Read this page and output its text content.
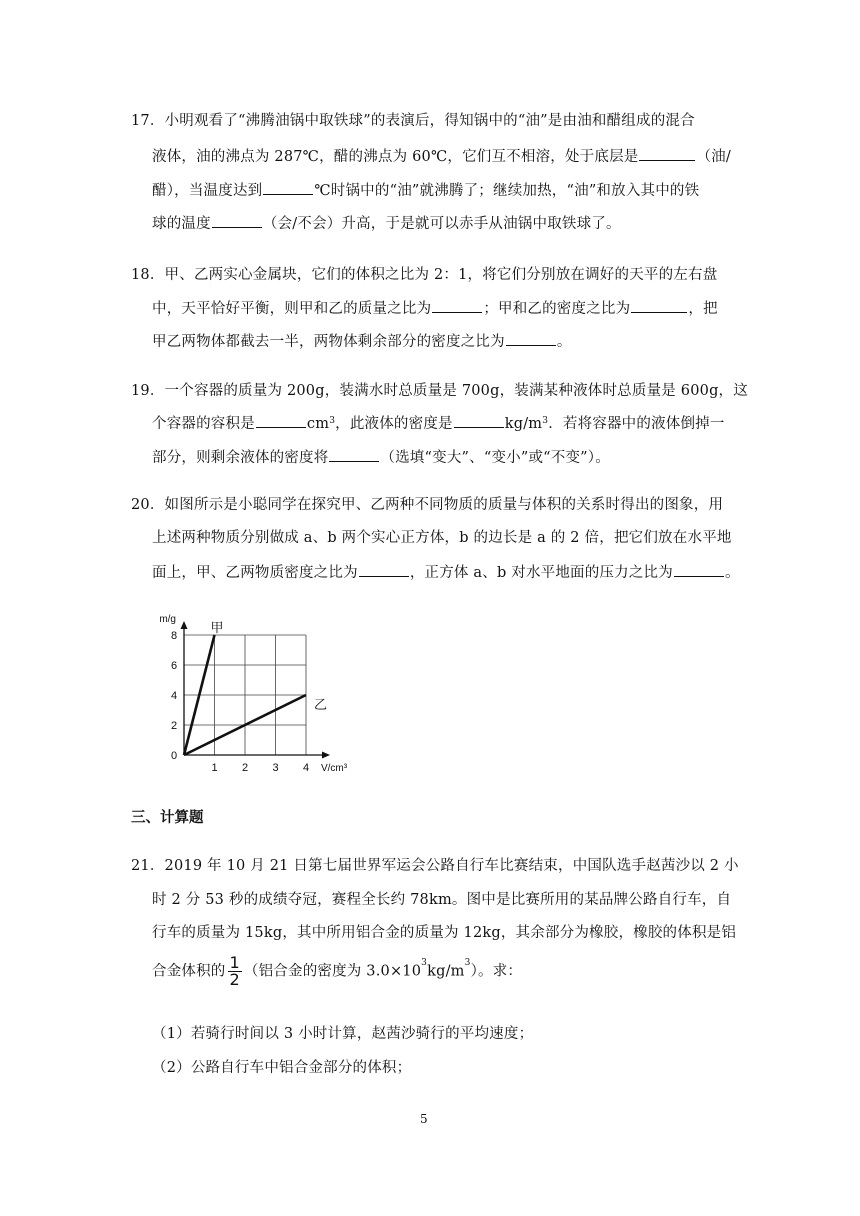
17．小明观看了“沸腾油锅中取铁球”的表演后，得知锅中的“油”是由油和醋组成的混合
液体，油的沸点为 287℃，醋的沸点为 60℃，它们互不相溶，处于底层是	（油/
醋），当温度达到	℃时锅中的“油”就沸腾了；继续加热，“油”和放入其中的铁
球的温度	（会/不会）升高，于是就可以赤手从油锅中取铁球了。
18．甲、乙两实心金属块，它们的体积之比为 2：1，将它们分别放在调好的天平的左右盘
中，天平恰好平衡，则甲和乙的质量之比为	；甲和乙的密度之比为	，把
甲乙两物体都截去一半，两物体剩余部分的密度之比为	。
19．一个容器的质量为 200g，装满水时总质量是 700g，装满某种液体时总质量是 600g，这
个容器的容积是	$cm^3$，此液体的密度是	$kg/m^3$．若将容器中的液体倒掉一
部分，则剩余液体的密度将	（选填“变大”、“变小”或“不变”）。
20．如图所示是小聪同学在探究甲、乙两种不同物质的质量与体积的关系时得出的图象，用
上述两种物质分别做成 a、b 两个实心正方体，b 的边长是 a 的 2 倍，把它们放在水平地
面上，甲、乙两物质密度之比为	，正方体 a、b 对水平地面的压力之比为	。
1 2 3 4
2
4
6
8
0
m/g
V/cm³
甲
乙
三、计算题
21．2019 年 10 月 21 日第七届世界军运会公路自行车比赛结束，中国队选手赵茜沙以 2 小
时 2 分 53 秒的成绩夺冠，赛程全长约 78km。图中是比赛所用的某品牌公路自行车，自
行车的质量为 15kg，其中所用铝合金的质量为 12kg，其余部分为橡胶，橡胶的体积是铝
合金体积的 $\frac{1}{2}$ （铝合金的密度为 $3.0\times 10^3kg/m^3$）。求：
（1）若骑行时间以 3 小时计算，赵茜沙骑行的平均速度；
（2）公路自行车中铝合金部分的体积；
5
